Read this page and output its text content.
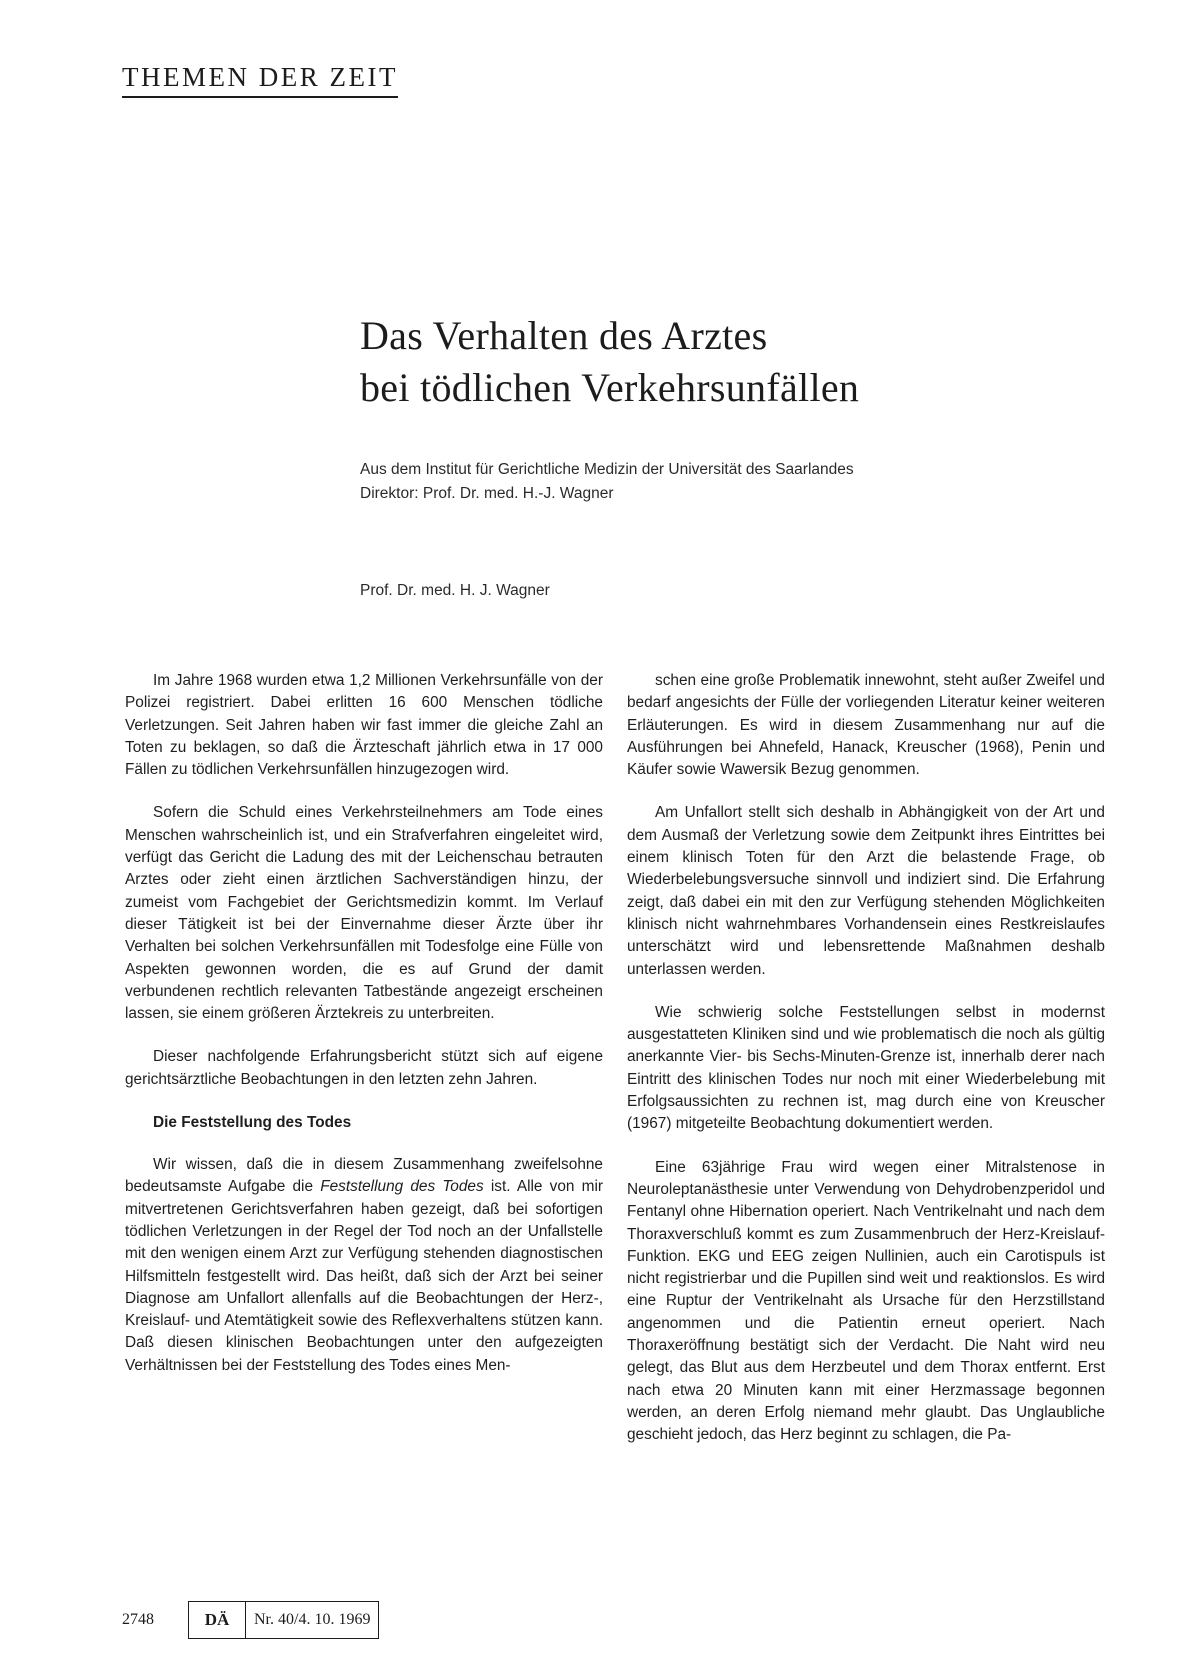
THEMEN DER ZEIT
Das Verhalten des Arztes
bei tödlichen Verkehrsunfällen
Aus dem Institut für Gerichtliche Medizin der Universität des Saarlandes
Direktor: Prof. Dr. med. H.-J. Wagner
Prof. Dr. med. H. J. Wagner

Im Jahre 1968 wurden etwa 1,2 Millionen Verkehrsunfälle von der Polizei registriert. Dabei erlitten 16 600 Menschen tödliche Verletzungen. Seit Jahren haben wir fast immer die gleiche Zahl an Toten zu beklagen, so daß die Ärzteschaft jährlich etwa in 17 000 Fällen zu tödlichen Verkehrsunfällen hinzugezogen wird.

Sofern die Schuld eines Verkehrsteilnehmers am Tode eines Menschen wahrscheinlich ist, und ein Strafverfahren eingeleitet wird, verfügt das Gericht die Ladung des mit der Leichenschau betrauten Arztes oder zieht einen ärztlichen Sachverständigen hinzu, der zumeist vom Fachgebiet der Gerichtsmedizin kommt. Im Verlauf dieser Tätigkeit ist bei der Einvernahme dieser Ärzte über ihr Verhalten bei solchen Verkehrsunfällen mit Todesfolge eine Fülle von Aspekten gewonnen worden, die es auf Grund der damit verbundenen rechtlich relevanten Tatbestände angezeigt erscheinen lassen, sie einem größeren Ärztekreis zu unterbreiten.

Dieser nachfolgende Erfahrungsbericht stützt sich auf eigene gerichtsärztliche Beobachtungen in den letzten zehn Jahren.

Die Feststellung des Todes

Wir wissen, daß die in diesem Zusammenhang zweifelsohne bedeutsamste Aufgabe die Feststellung des Todes ist. Alle von mir mitvertretenen Gerichtsverfahren haben gezeigt, daß bei sofortigen tödlichen Verletzungen in der Regel der Tod noch an der Unfallstelle mit den wenigen einem Arzt zur Verfügung stehenden diagnostischen Hilfsmitteln festgestellt wird. Das heißt, daß sich der Arzt bei seiner Diagnose am Unfallort allenfalls auf die Beobachtungen der Herz-, Kreislauf- und Atemtätigkeit sowie des Reflexverhaltens stützen kann. Daß diesen klinischen Beobachtungen unter den aufgezeigten Verhältnissen bei der Feststellung des Todes eines Men-

schen eine große Problematik innewohnt, steht außer Zweifel und bedarf angesichts der Fülle der vorliegenden Literatur keiner weiteren Erläuterungen. Es wird in diesem Zusammenhang nur auf die Ausführungen bei Ahnefeld, Hanack, Kreuscher (1968), Penin und Käufer sowie Wawersik Bezug genommen.

Am Unfallort stellt sich deshalb in Abhängigkeit von der Art und dem Ausmaß der Verletzung sowie dem Zeitpunkt ihres Eintrittes bei einem klinisch Toten für den Arzt die belastende Frage, ob Wiederbelebungsversuche sinnvoll und indiziert sind. Die Erfahrung zeigt, daß dabei ein mit den zur Verfügung stehenden Möglichkeiten klinisch nicht wahrnehmbares Vorhandensein eines Restkreislaufes unterschätzt wird und lebensrettende Maßnahmen deshalb unterlassen werden.

Wie schwierig solche Feststellungen selbst in modernst ausgestatteten Kliniken sind und wie problematisch die noch als gültig anerkannte Vier- bis Sechs-Minuten-Grenze ist, innerhalb derer nach Eintritt des klinischen Todes nur noch mit einer Wiederbelebung mit Erfolgsaussichten zu rechnen ist, mag durch eine von Kreuscher (1967) mitgeteilte Beobachtung dokumentiert werden.

Eine 63jährige Frau wird wegen einer Mitralstenose in Neuroleptanästhesie unter Verwendung von Dehydrobenzperidol und Fentanyl ohne Hibernation operiert. Nach Ventrikelnaht und nach dem Thoraxverschluß kommt es zum Zusammenbruch der Herz-Kreislauf-Funktion. EKG und EEG zeigen Nullinien, auch ein Carotispuls ist nicht registrierbar und die Pupillen sind weit und reaktionslos. Es wird eine Ruptur der Ventrikelnaht als Ursache für den Herzstillstand angenommen und die Patientin erneut operiert. Nach Thoraxeröffnung bestätigt sich der Verdacht. Die Naht wird neu gelegt, das Blut aus dem Herzbeutel und dem Thorax entfernt. Erst nach etwa 20 Minuten kann mit einer Herzmassage begonnen werden, an deren Erfolg niemand mehr glaubt. Das Unglaubliche geschieht jedoch, das Herz beginnt zu schlagen, die Pa-

2748	DÄ	Nr. 40/4. 10. 1969
